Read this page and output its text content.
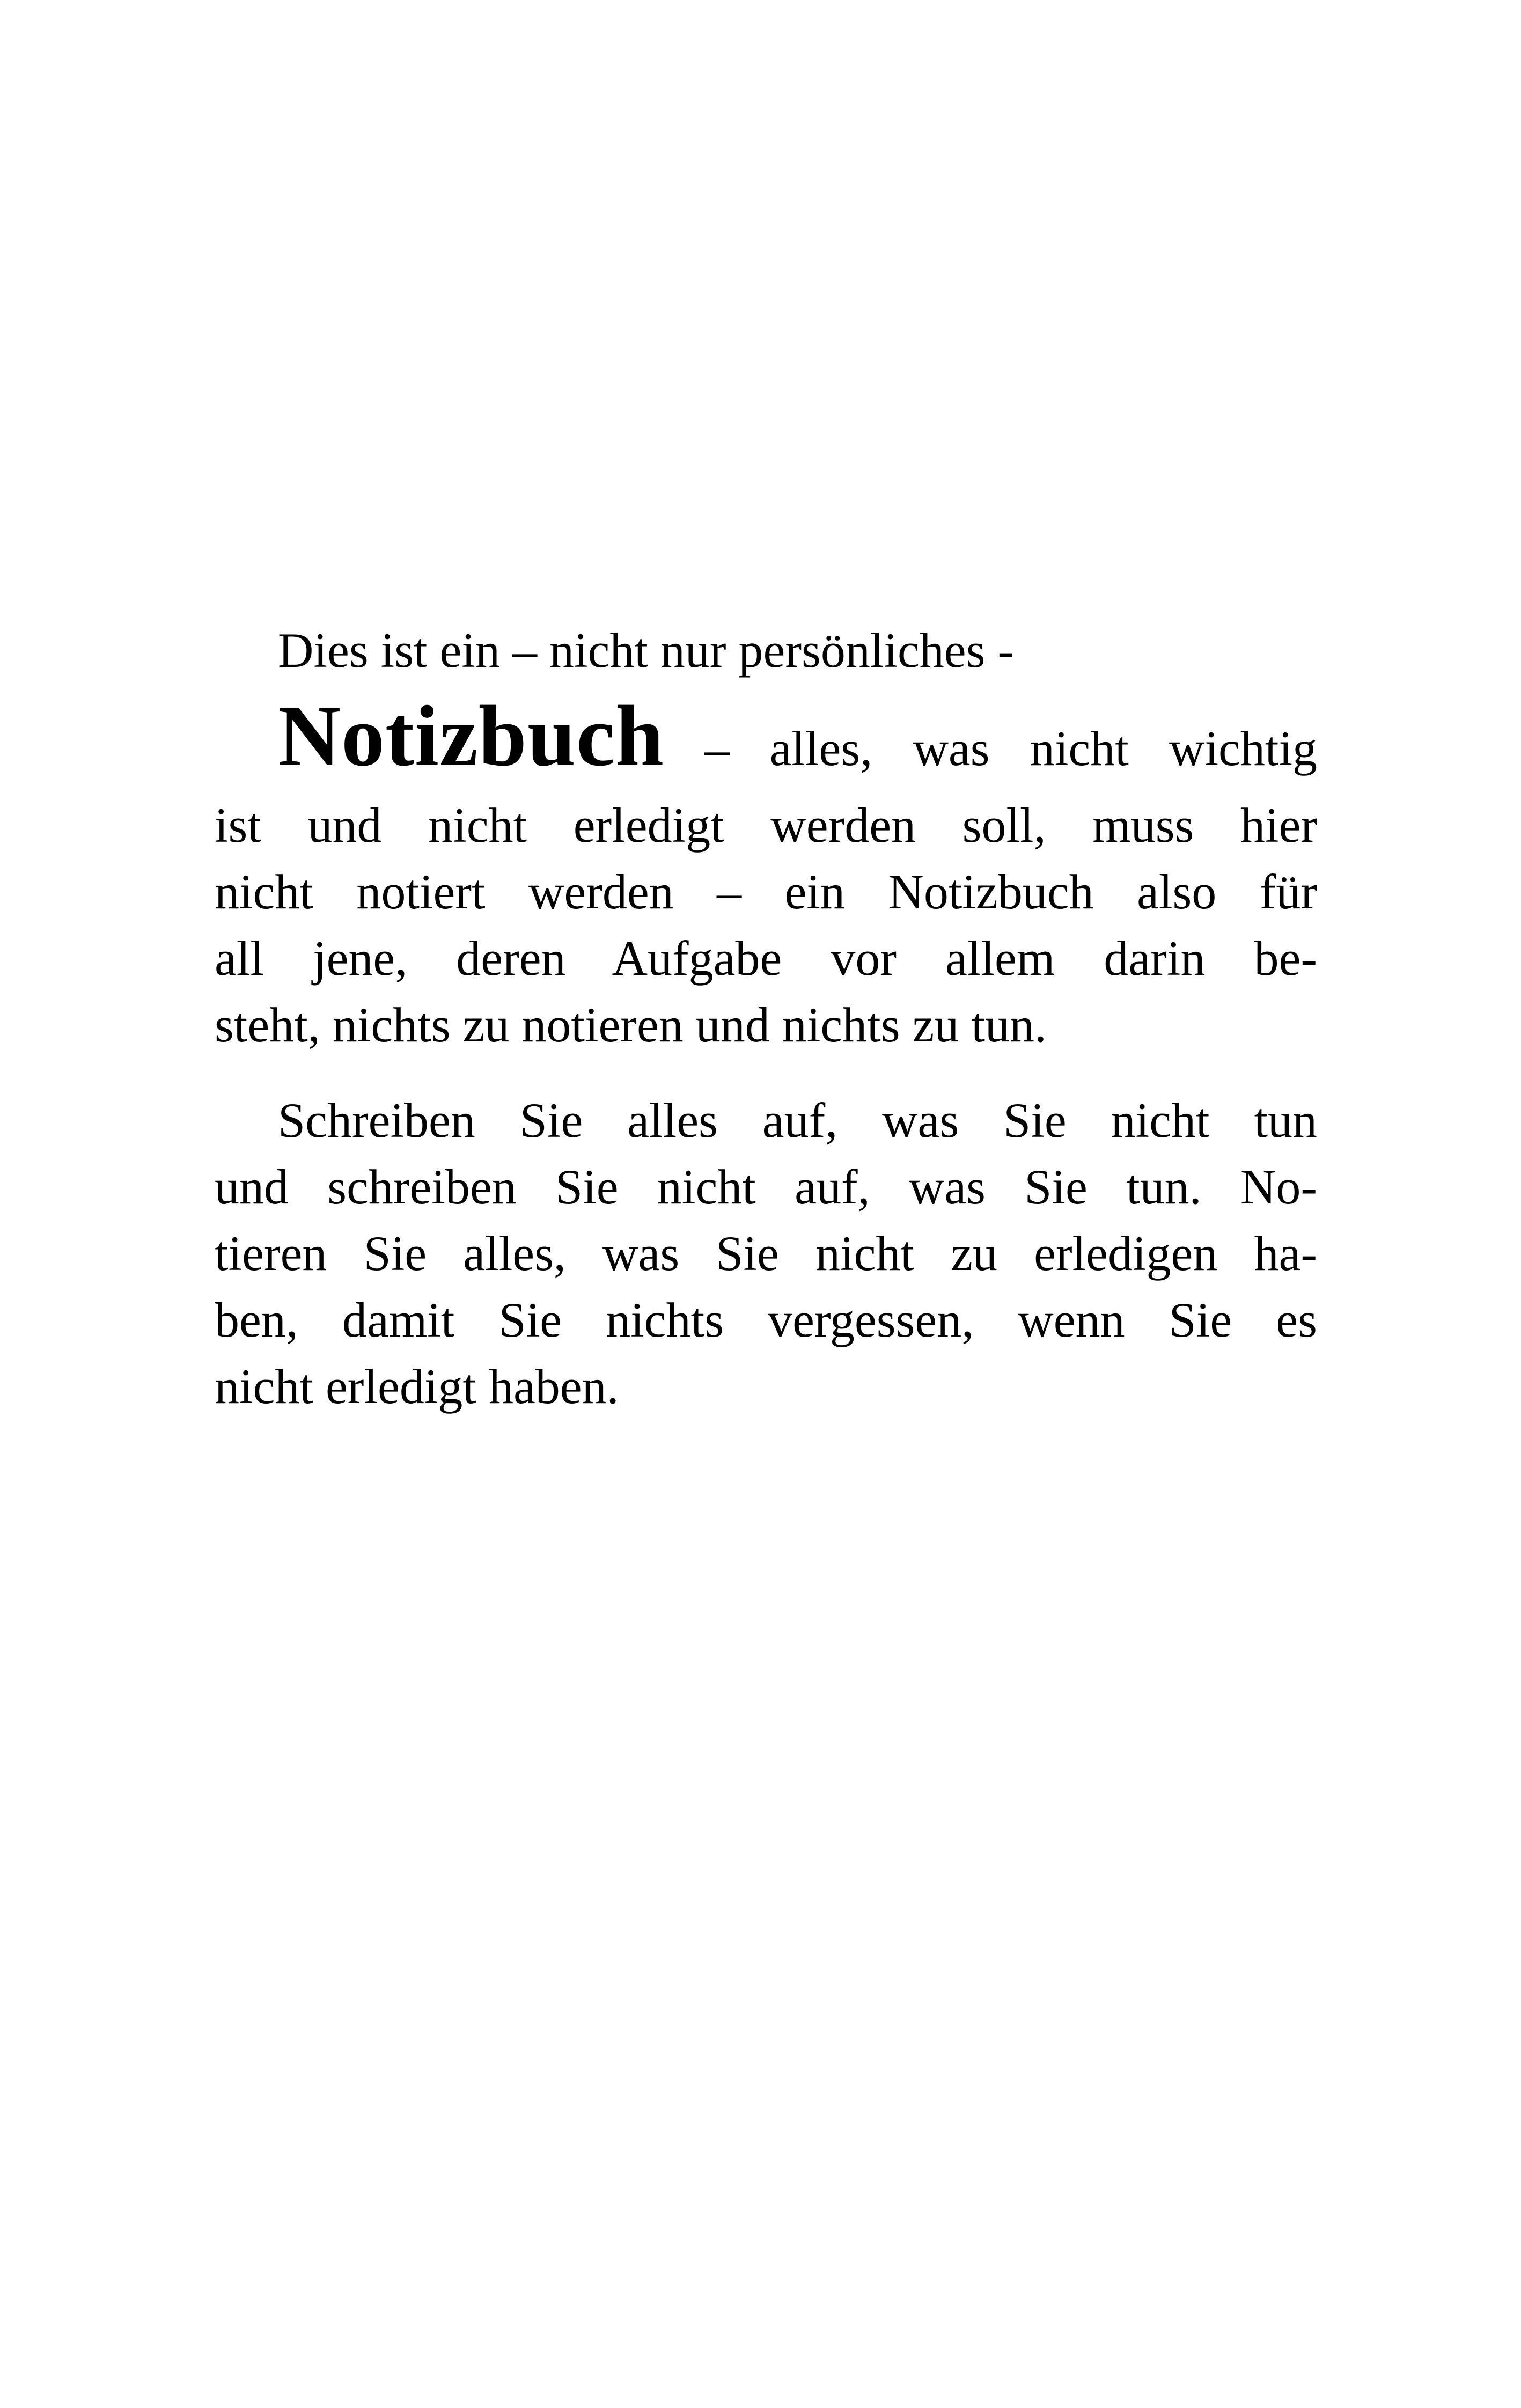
Dies ist ein – nicht nur persönliches -
Notizbuch – alles, was nicht wichtig
ist und nicht erledigt werden soll, muss hier
nicht notiert werden – ein Notizbuch also für
all jene, deren Aufgabe vor allem darin be-
steht, nichts zu notieren und nichts zu tun.
Schreiben Sie alles auf, was Sie nicht tun
und schreiben Sie nicht auf, was Sie tun. No-
tieren Sie alles, was Sie nicht zu erledigen ha-
ben, damit Sie nichts vergessen, wenn Sie es
nicht erledigt haben.
